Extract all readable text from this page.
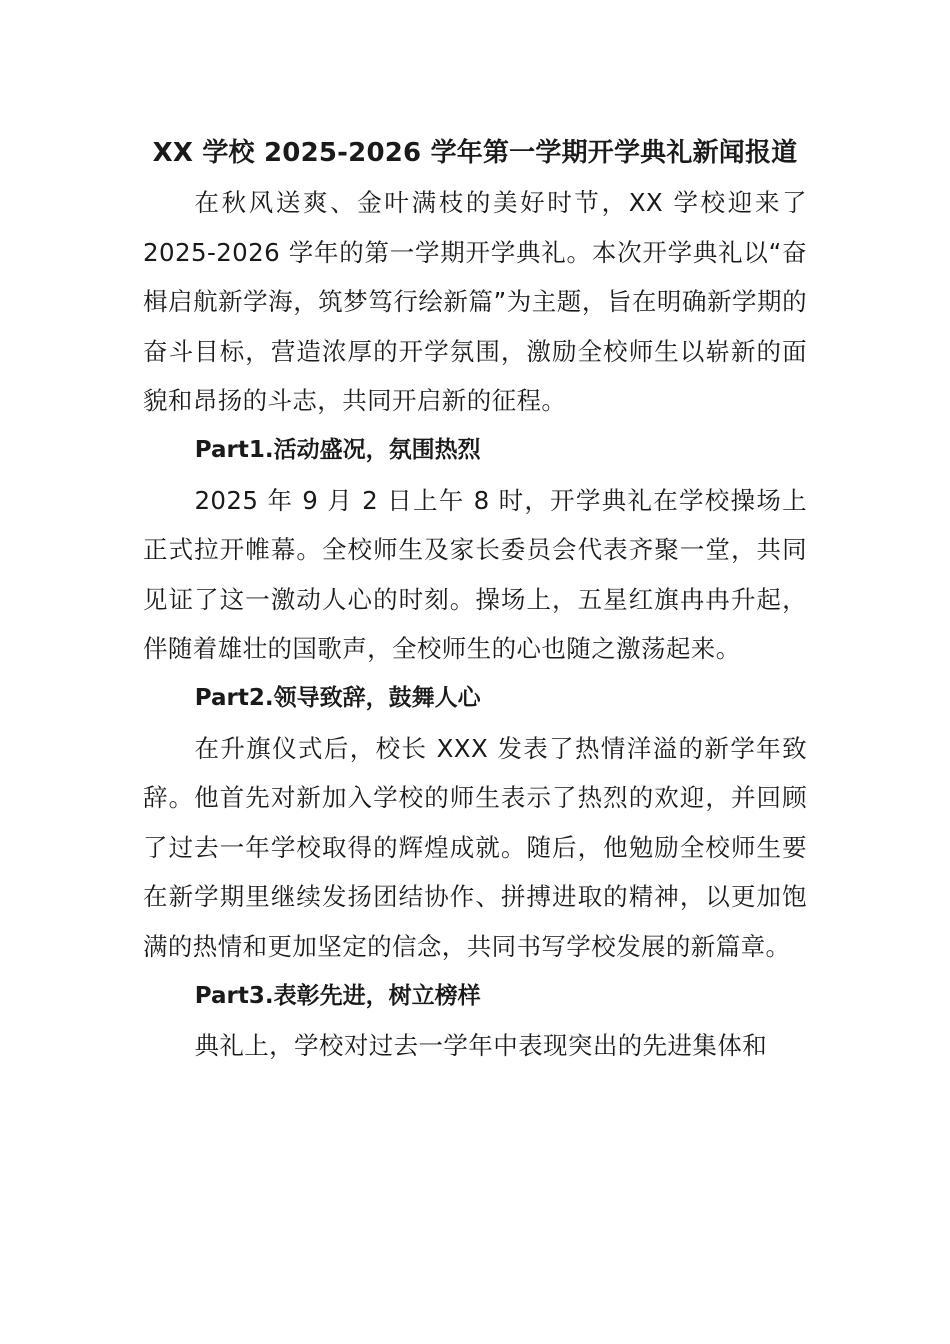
XX 学校 2025-2026 学年第一学期开学典礼新闻报道

在秋风送爽、金叶满枝的美好时节，XX 学校迎来了2025-2026 学年的第一学期开学典礼。本次开学典礼以“奋楫启航新学海，筑梦笃行绘新篇”为主题，旨在明确新学期的奋斗目标，营造浓厚的开学氛围，激励全校师生以崭新的面貌和昂扬的斗志，共同开启新的征程。

Part1.活动盛况，氛围热烈

2025 年 9 月 2 日上午 8 时，开学典礼在学校操场上正式拉开帷幕。全校师生及家长委员会代表齐聚一堂，共同见证了这一激动人心的时刻。操场上，五星红旗冉冉升起，伴随着雄壮的国歌声，全校师生的心也随之激荡起来。

Part2.领导致辞，鼓舞人心

在升旗仪式后，校长 XXX 发表了热情洋溢的新学年致辞。他首先对新加入学校的师生表示了热烈的欢迎，并回顾了过去一年学校取得的辉煌成就。随后，他勉励全校师生要在新学期里继续发扬团结协作、拼搏进取的精神，以更加饱满的热情和更加坚定的信念，共同书写学校发展的新篇章。

Part3.表彰先进，树立榜样

典礼上，学校对过去一学年中表现突出的先进集体和
